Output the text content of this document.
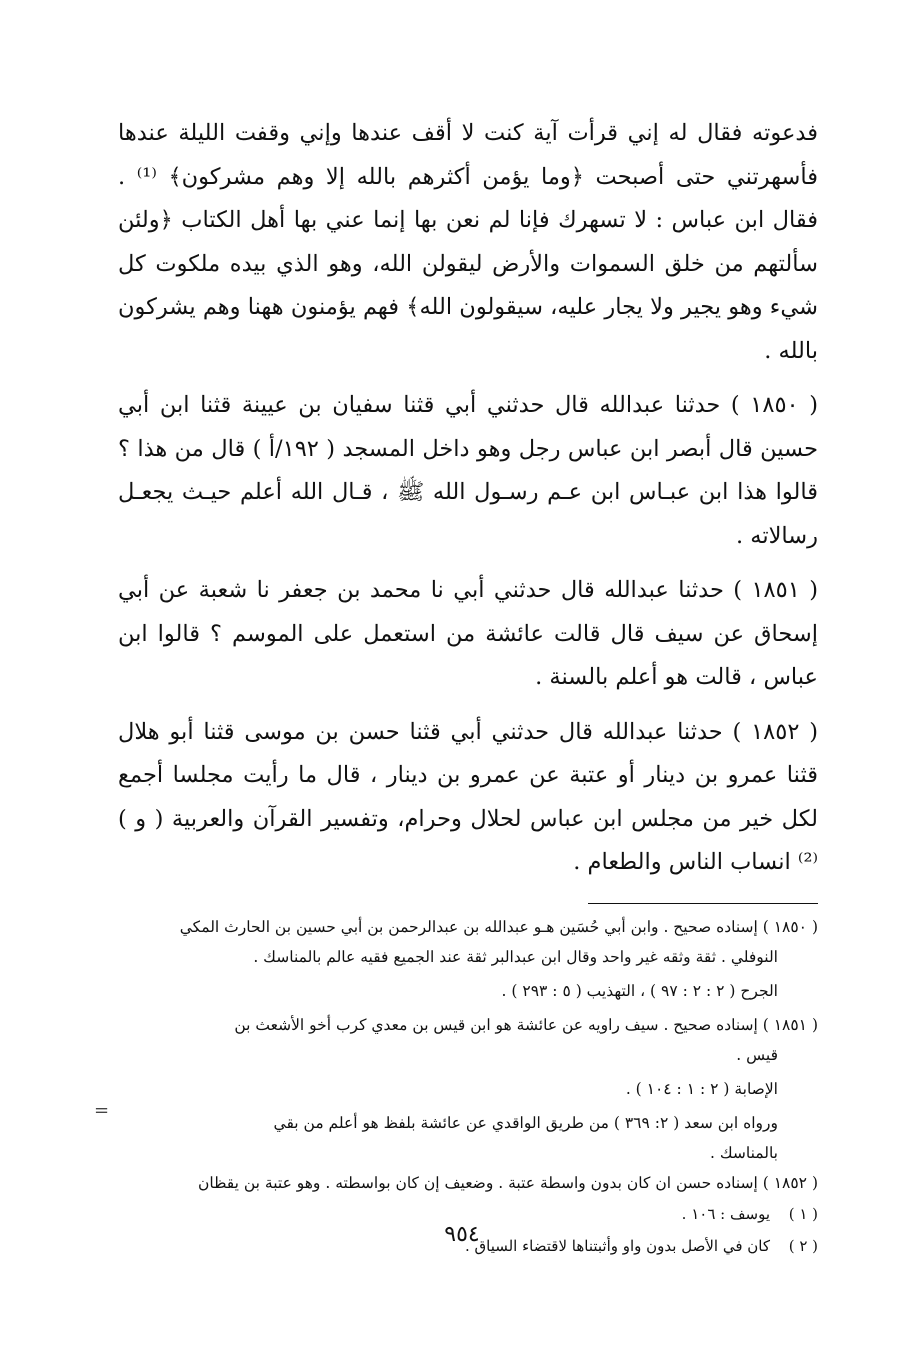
فدعوته فقال له إني قرأت آية كنت لا أقف عندها وإني وقفت الليلة عندها فأسهرتني حتى أصبحت ﴿وما يؤمن أكثرهم بالله إلا وهم مشركون﴾ ⁽¹⁾ . فقال ابن عباس : لا تسهرك فإنا لم نعن بها إنما عني بها أهل الكتاب ﴿ولئن سألتهم من خلق السموات والأرض ليقولن الله، وهو الذي بيده ملكوت كل شيء وهو يجير ولا يجار عليه، سيقولون الله﴾ فهم يؤمنون ههنا وهم يشركون بالله .

( ١٨٥٠ ) حدثنا عبدالله قال حدثني أبي قثنا سفيان بن عيينة قثنا ابن أبي حسين قال أبصر ابن عباس رجل وهو داخل المسجد ( ١٩٢/أ ) قال من هذا ؟ قالوا هذا ابن عبـاس ابن عـم رسـول الله ﷺ ، قـال الله أعلم حيـث يجعـل رسالاته .

( ١٨٥١ ) حدثنا عبدالله قال حدثني أبي نا محمد بن جعفر نا شعبة عن أبي إسحاق عن سيف قال قالت عائشة من استعمل على الموسم ؟ قالوا ابن عباس ، قالت هو أعلم بالسنة .

( ١٨٥٢ ) حدثنا عبدالله قال حدثني أبي قثنا حسن بن موسى قثنا أبو هلال قثنا عمرو بن دينار أو عتبة عن عمرو بن دينار ، قال ما رأيت مجلسا أجمع لكل خير من مجلس ابن عباس لحلال وحرام، وتفسير القرآن والعربية ( و ) ⁽²⁾ انساب الناس والطعام .

( ١٨٥٠ ) إسناده صحيح . وابن أبي حُسَين هـو عبدالله بن عبدالرحمن بن أبي حسين بن الحارث المكي

النوفلي . ثقة وثقه غير واحد وقال ابن عبدالبر ثقة عند الجميع فقيه عالم بالمناسك .

الجرح ( ٢ : ٢ : ٩٧ ) ، التهذيب ( ٥ : ٢٩٣ ) .

( ١٨٥١ ) إسناده صحيح . سيف راويه عن عائشة هو ابن قيس بن معدي كرب أخو الأشعث بن

قيس .

الإصابة ( ٢ : ١ : ١٠٤ ) .

ورواه ابن سعد ( ٢: ٣٦٩ ) من طريق الواقدي عن عائشة بلفظ هو أعلم من بقي

بالمناسك .

( ١٨٥٢ ) إسناده حسن ان كان بدون واسطة عتبة . وضعيف إن كان بواسطته . وهو عتبة بن يقظان

( ١ )
يوسف : ١٠٦ .
( ٢ )
كان في الأصل بدون واو وأثبتناها لاقتضاء السياق .
=
٩٥٤
